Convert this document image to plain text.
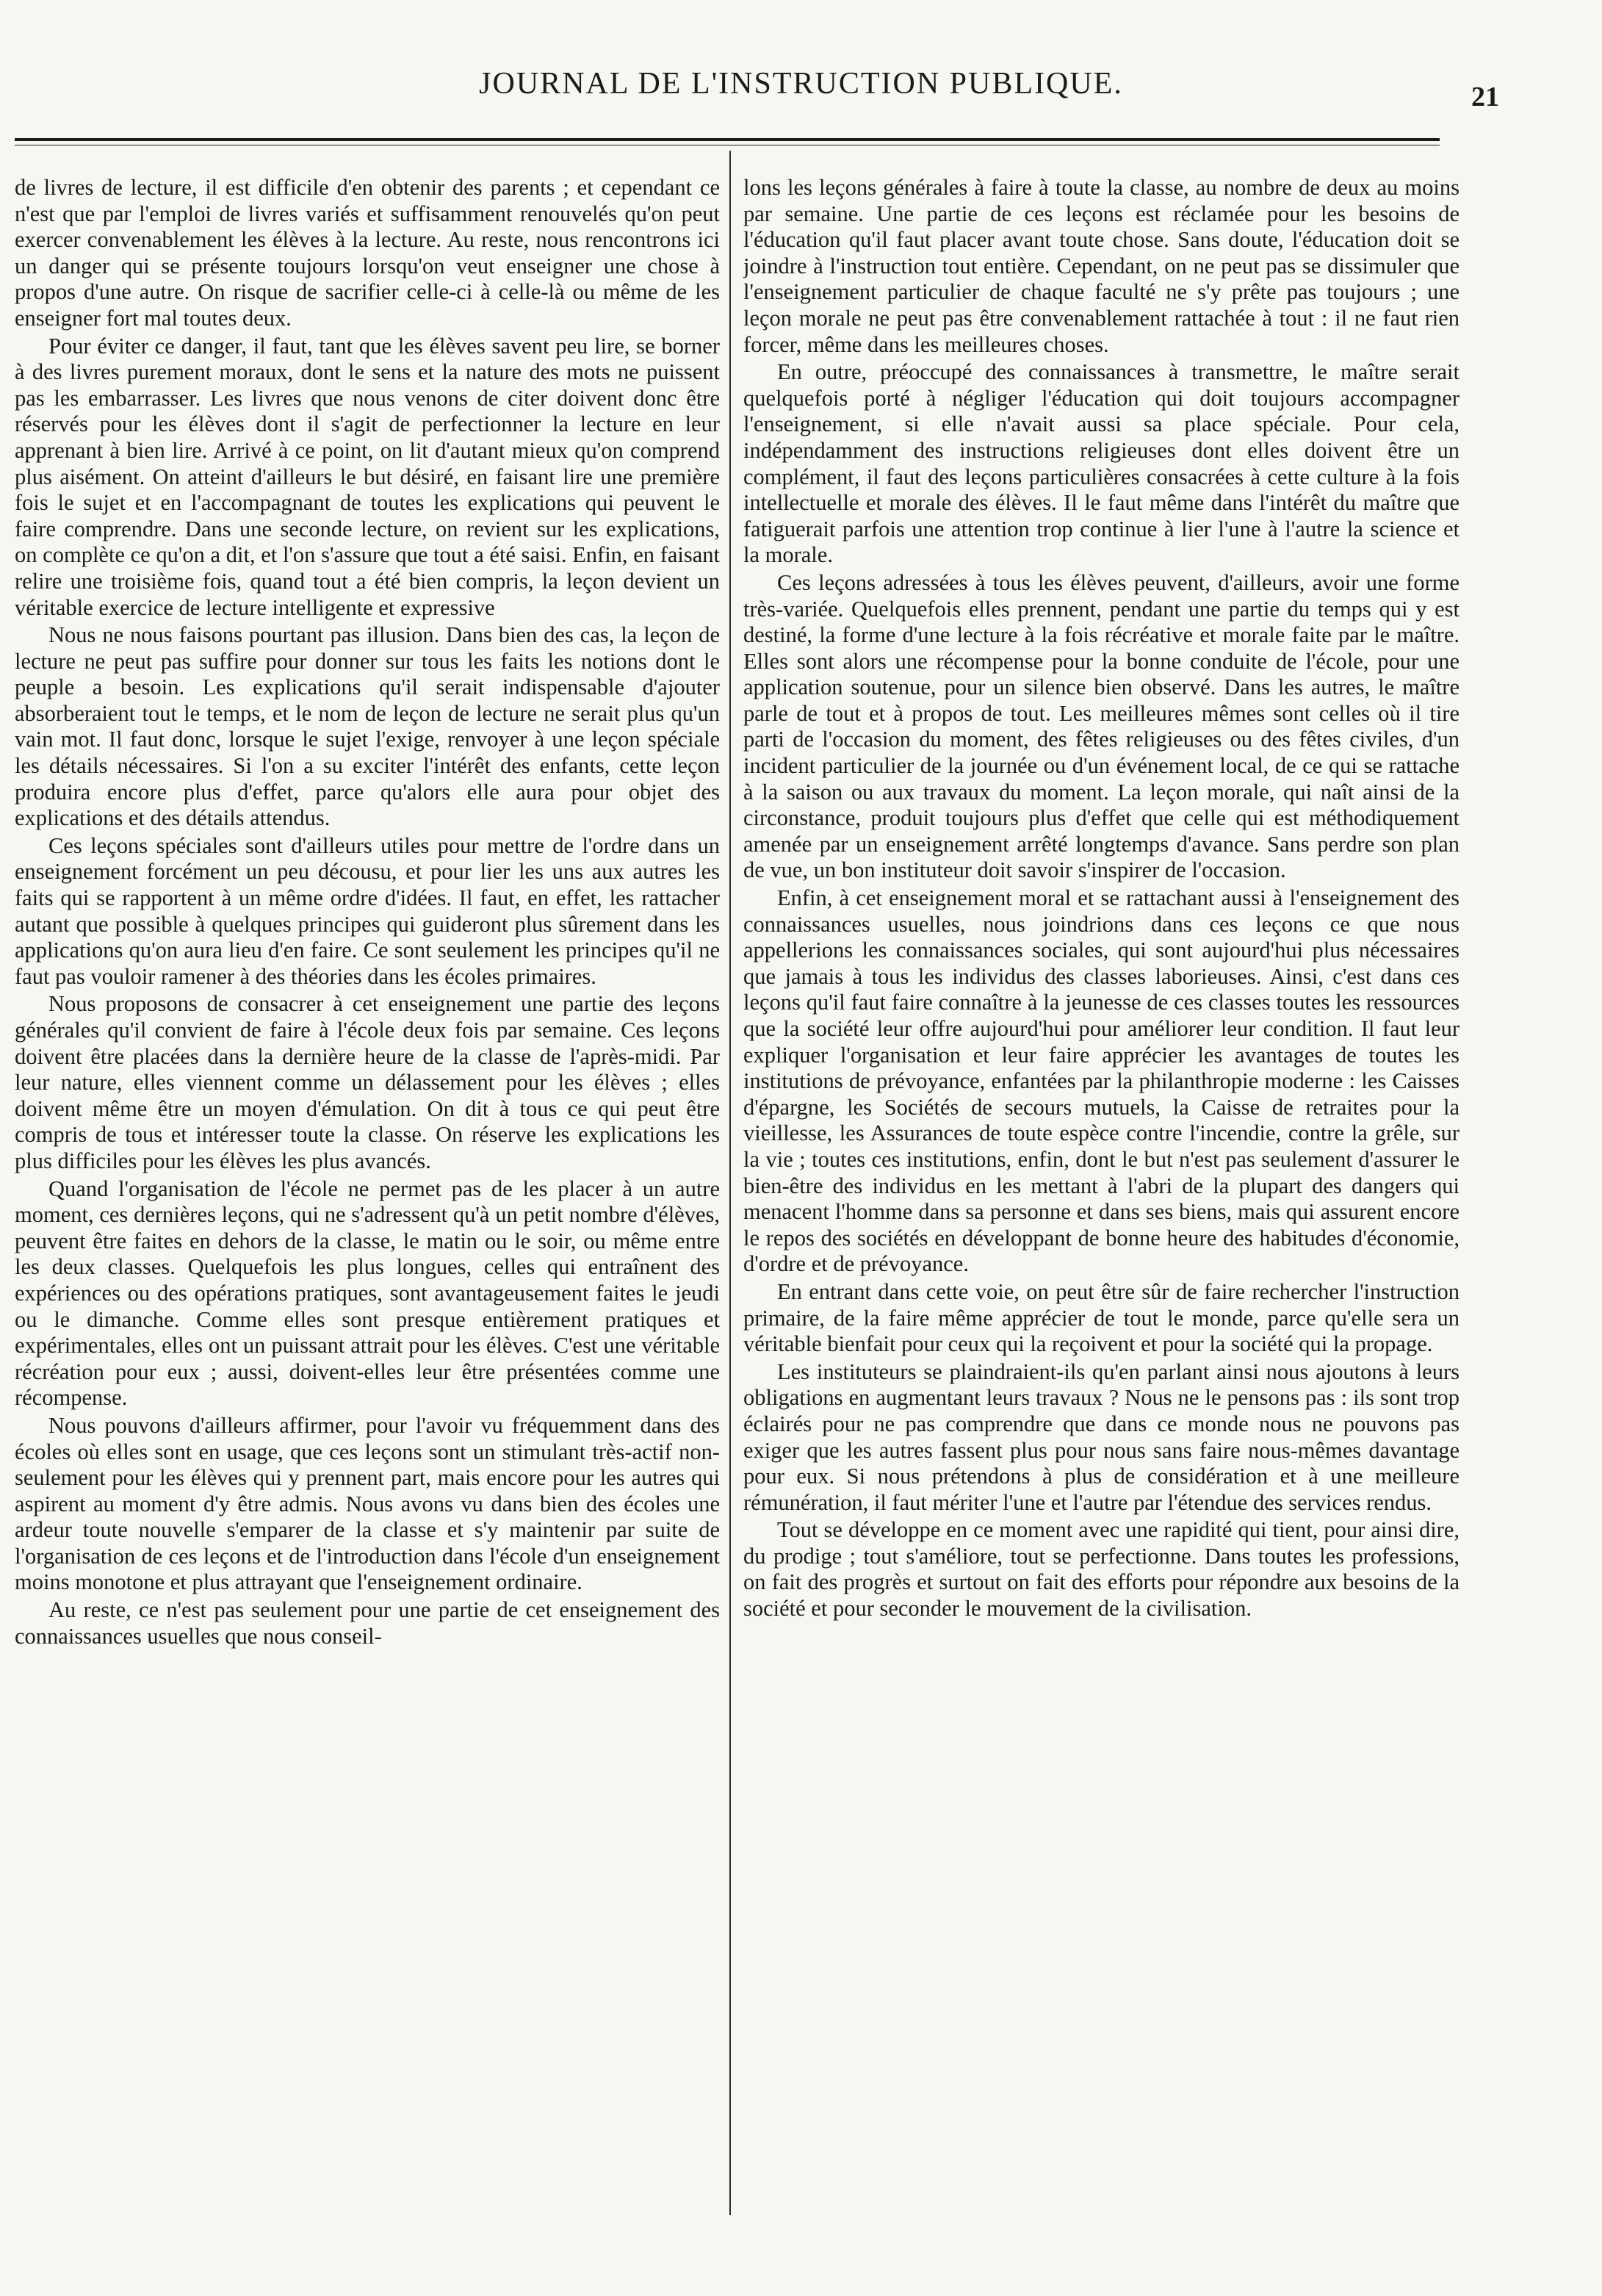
JOURNAL DE L'INSTRUCTION PUBLIQUE.	21

de livres de lecture, il est difficile d'en obtenir des parents ; et cependant ce n'est que par l'emploi de livres variés et suffisamment renouvelés qu'on peut exercer convenablement les élèves à la lecture. Au reste, nous rencontrons ici un danger qui se présente toujours lorsqu'on veut enseigner une chose à propos d'une autre. On risque de sacrifier celle-ci à celle-là ou même de les enseigner fort mal toutes deux.

Pour éviter ce danger, il faut, tant que les élèves savent peu lire, se borner à des livres purement moraux, dont le sens et la nature des mots ne puissent pas les embarrasser. Les livres que nous venons de citer doivent donc être réservés pour les élèves dont il s'agit de perfectionner la lecture en leur apprenant à bien lire. Arrivé à ce point, on lit d'autant mieux qu'on comprend plus aisément. On atteint d'ailleurs le but désiré, en faisant lire une première fois le sujet et en l'accompagnant de toutes les explications qui peuvent le faire comprendre. Dans une seconde lecture, on revient sur les explications, on complète ce qu'on a dit, et l'on s'assure que tout a été saisi. Enfin, en faisant relire une troisième fois, quand tout a été bien compris, la leçon devient un véritable exercice de lecture intelligente et expressive

Nous ne nous faisons pourtant pas illusion. Dans bien des cas, la leçon de lecture ne peut pas suffire pour donner sur tous les faits les notions dont le peuple a besoin. Les explications qu'il serait indispensable d'ajouter absorberaient tout le temps, et le nom de leçon de lecture ne serait plus qu'un vain mot. Il faut donc, lorsque le sujet l'exige, renvoyer à une leçon spéciale les détails nécessaires. Si l'on a su exciter l'intérêt des enfants, cette leçon produira encore plus d'effet, parce qu'alors elle aura pour objet des explications et des détails attendus.

Ces leçons spéciales sont d'ailleurs utiles pour mettre de l'ordre dans un enseignement forcément un peu décousu, et pour lier les uns aux autres les faits qui se rapportent à un même ordre d'idées. Il faut, en effet, les rattacher autant que possible à quelques principes qui guideront plus sûrement dans les applications qu'on aura lieu d'en faire. Ce sont seulement les principes qu'il ne faut pas vouloir ramener à des théories dans les écoles primaires.

Nous proposons de consacrer à cet enseignement une partie des leçons générales qu'il convient de faire à l'école deux fois par semaine. Ces leçons doivent être placées dans la dernière heure de la classe de l'après-midi. Par leur nature, elles viennent comme un délassement pour les élèves ; elles doivent même être un moyen d'émulation. On dit à tous ce qui peut être compris de tous et intéresser toute la classe. On réserve les explications les plus difficiles pour les élèves les plus avancés.

Quand l'organisation de l'école ne permet pas de les placer à un autre moment, ces dernières leçons, qui ne s'adressent qu'à un petit nombre d'élèves, peuvent être faites en dehors de la classe, le matin ou le soir, ou même entre les deux classes. Quelquefois les plus longues, celles qui entraînent des expériences ou des opérations pratiques, sont avantageusement faites le jeudi ou le dimanche. Comme elles sont presque entièrement pratiques et expérimentales, elles ont un puissant attrait pour les élèves. C'est une véritable récréation pour eux ; aussi, doivent-elles leur être présentées comme une récompense.

Nous pouvons d'ailleurs affirmer, pour l'avoir vu fréquemment dans des écoles où elles sont en usage, que ces leçons sont un stimulant très-actif non-seulement pour les élèves qui y prennent part, mais encore pour les autres qui aspirent au moment d'y être admis. Nous avons vu dans bien des écoles une ardeur toute nouvelle s'emparer de la classe et s'y maintenir par suite de l'organisation de ces leçons et de l'introduction dans l'école d'un enseignement moins monotone et plus attrayant que l'enseignement ordinaire.

Au reste, ce n'est pas seulement pour une partie de cet enseignement des connaissances usuelles que nous conseil-

lons les leçons générales à faire à toute la classe, au nombre de deux au moins par semaine. Une partie de ces leçons est réclamée pour les besoins de l'éducation qu'il faut placer avant toute chose. Sans doute, l'éducation doit se joindre à l'instruction tout entière. Cependant, on ne peut pas se dissimuler que l'enseignement particulier de chaque faculté ne s'y prête pas toujours ; une leçon morale ne peut pas être convenablement rattachée à tout : il ne faut rien forcer, même dans les meilleures choses.

En outre, préoccupé des connaissances à transmettre, le maître serait quelquefois porté à négliger l'éducation qui doit toujours accompagner l'enseignement, si elle n'avait aussi sa place spéciale. Pour cela, indépendamment des instructions religieuses dont elles doivent être un complément, il faut des leçons particulières consacrées à cette culture à la fois intellectuelle et morale des élèves. Il le faut même dans l'intérêt du maître que fatiguerait parfois une attention trop continue à lier l'une à l'autre la science et la morale.

Ces leçons adressées à tous les élèves peuvent, d'ailleurs, avoir une forme très-variée. Quelquefois elles prennent, pendant une partie du temps qui y est destiné, la forme d'une lecture à la fois récréative et morale faite par le maître. Elles sont alors une récompense pour la bonne conduite de l'école, pour une application soutenue, pour un silence bien observé. Dans les autres, le maître parle de tout et à propos de tout. Les meilleures mêmes sont celles où il tire parti de l'occasion du moment, des fêtes religieuses ou des fêtes civiles, d'un incident particulier de la journée ou d'un événement local, de ce qui se rattache à la saison ou aux travaux du moment. La leçon morale, qui naît ainsi de la circonstance, produit toujours plus d'effet que celle qui est méthodiquement amenée par un enseignement arrêté longtemps d'avance. Sans perdre son plan de vue, un bon instituteur doit savoir s'inspirer de l'occasion.

Enfin, à cet enseignement moral et se rattachant aussi à l'enseignement des connaissances usuelles, nous joindrions dans ces leçons ce que nous appellerions les connaissances sociales, qui sont aujourd'hui plus nécessaires que jamais à tous les individus des classes laborieuses. Ainsi, c'est dans ces leçons qu'il faut faire connaître à la jeunesse de ces classes toutes les ressources que la société leur offre aujourd'hui pour améliorer leur condition. Il faut leur expliquer l'organisation et leur faire apprécier les avantages de toutes les institutions de prévoyance, enfantées par la philanthropie moderne : les Caisses d'épargne, les Sociétés de secours mutuels, la Caisse de retraites pour la vieillesse, les Assurances de toute espèce contre l'incendie, contre la grêle, sur la vie ; toutes ces institutions, enfin, dont le but n'est pas seulement d'assurer le bien-être des individus en les mettant à l'abri de la plupart des dangers qui menacent l'homme dans sa personne et dans ses biens, mais qui assurent encore le repos des sociétés en développant de bonne heure des habitudes d'économie, d'ordre et de prévoyance.

En entrant dans cette voie, on peut être sûr de faire rechercher l'instruction primaire, de la faire même apprécier de tout le monde, parce qu'elle sera un véritable bienfait pour ceux qui la reçoivent et pour la société qui la propage.

Les instituteurs se plaindraient-ils qu'en parlant ainsi nous ajoutons à leurs obligations en augmentant leurs travaux ? Nous ne le pensons pas : ils sont trop éclairés pour ne pas comprendre que dans ce monde nous ne pouvons pas exiger que les autres fassent plus pour nous sans faire nous-mêmes davantage pour eux. Si nous prétendons à plus de considération et à une meilleure rémunération, il faut mériter l'une et l'autre par l'étendue des services rendus.

Tout se développe en ce moment avec une rapidité qui tient, pour ainsi dire, du prodige ; tout s'améliore, tout se perfectionne. Dans toutes les professions, on fait des progrès et surtout on fait des efforts pour répondre aux besoins de la société et pour seconder le mouvement de la civilisation.
